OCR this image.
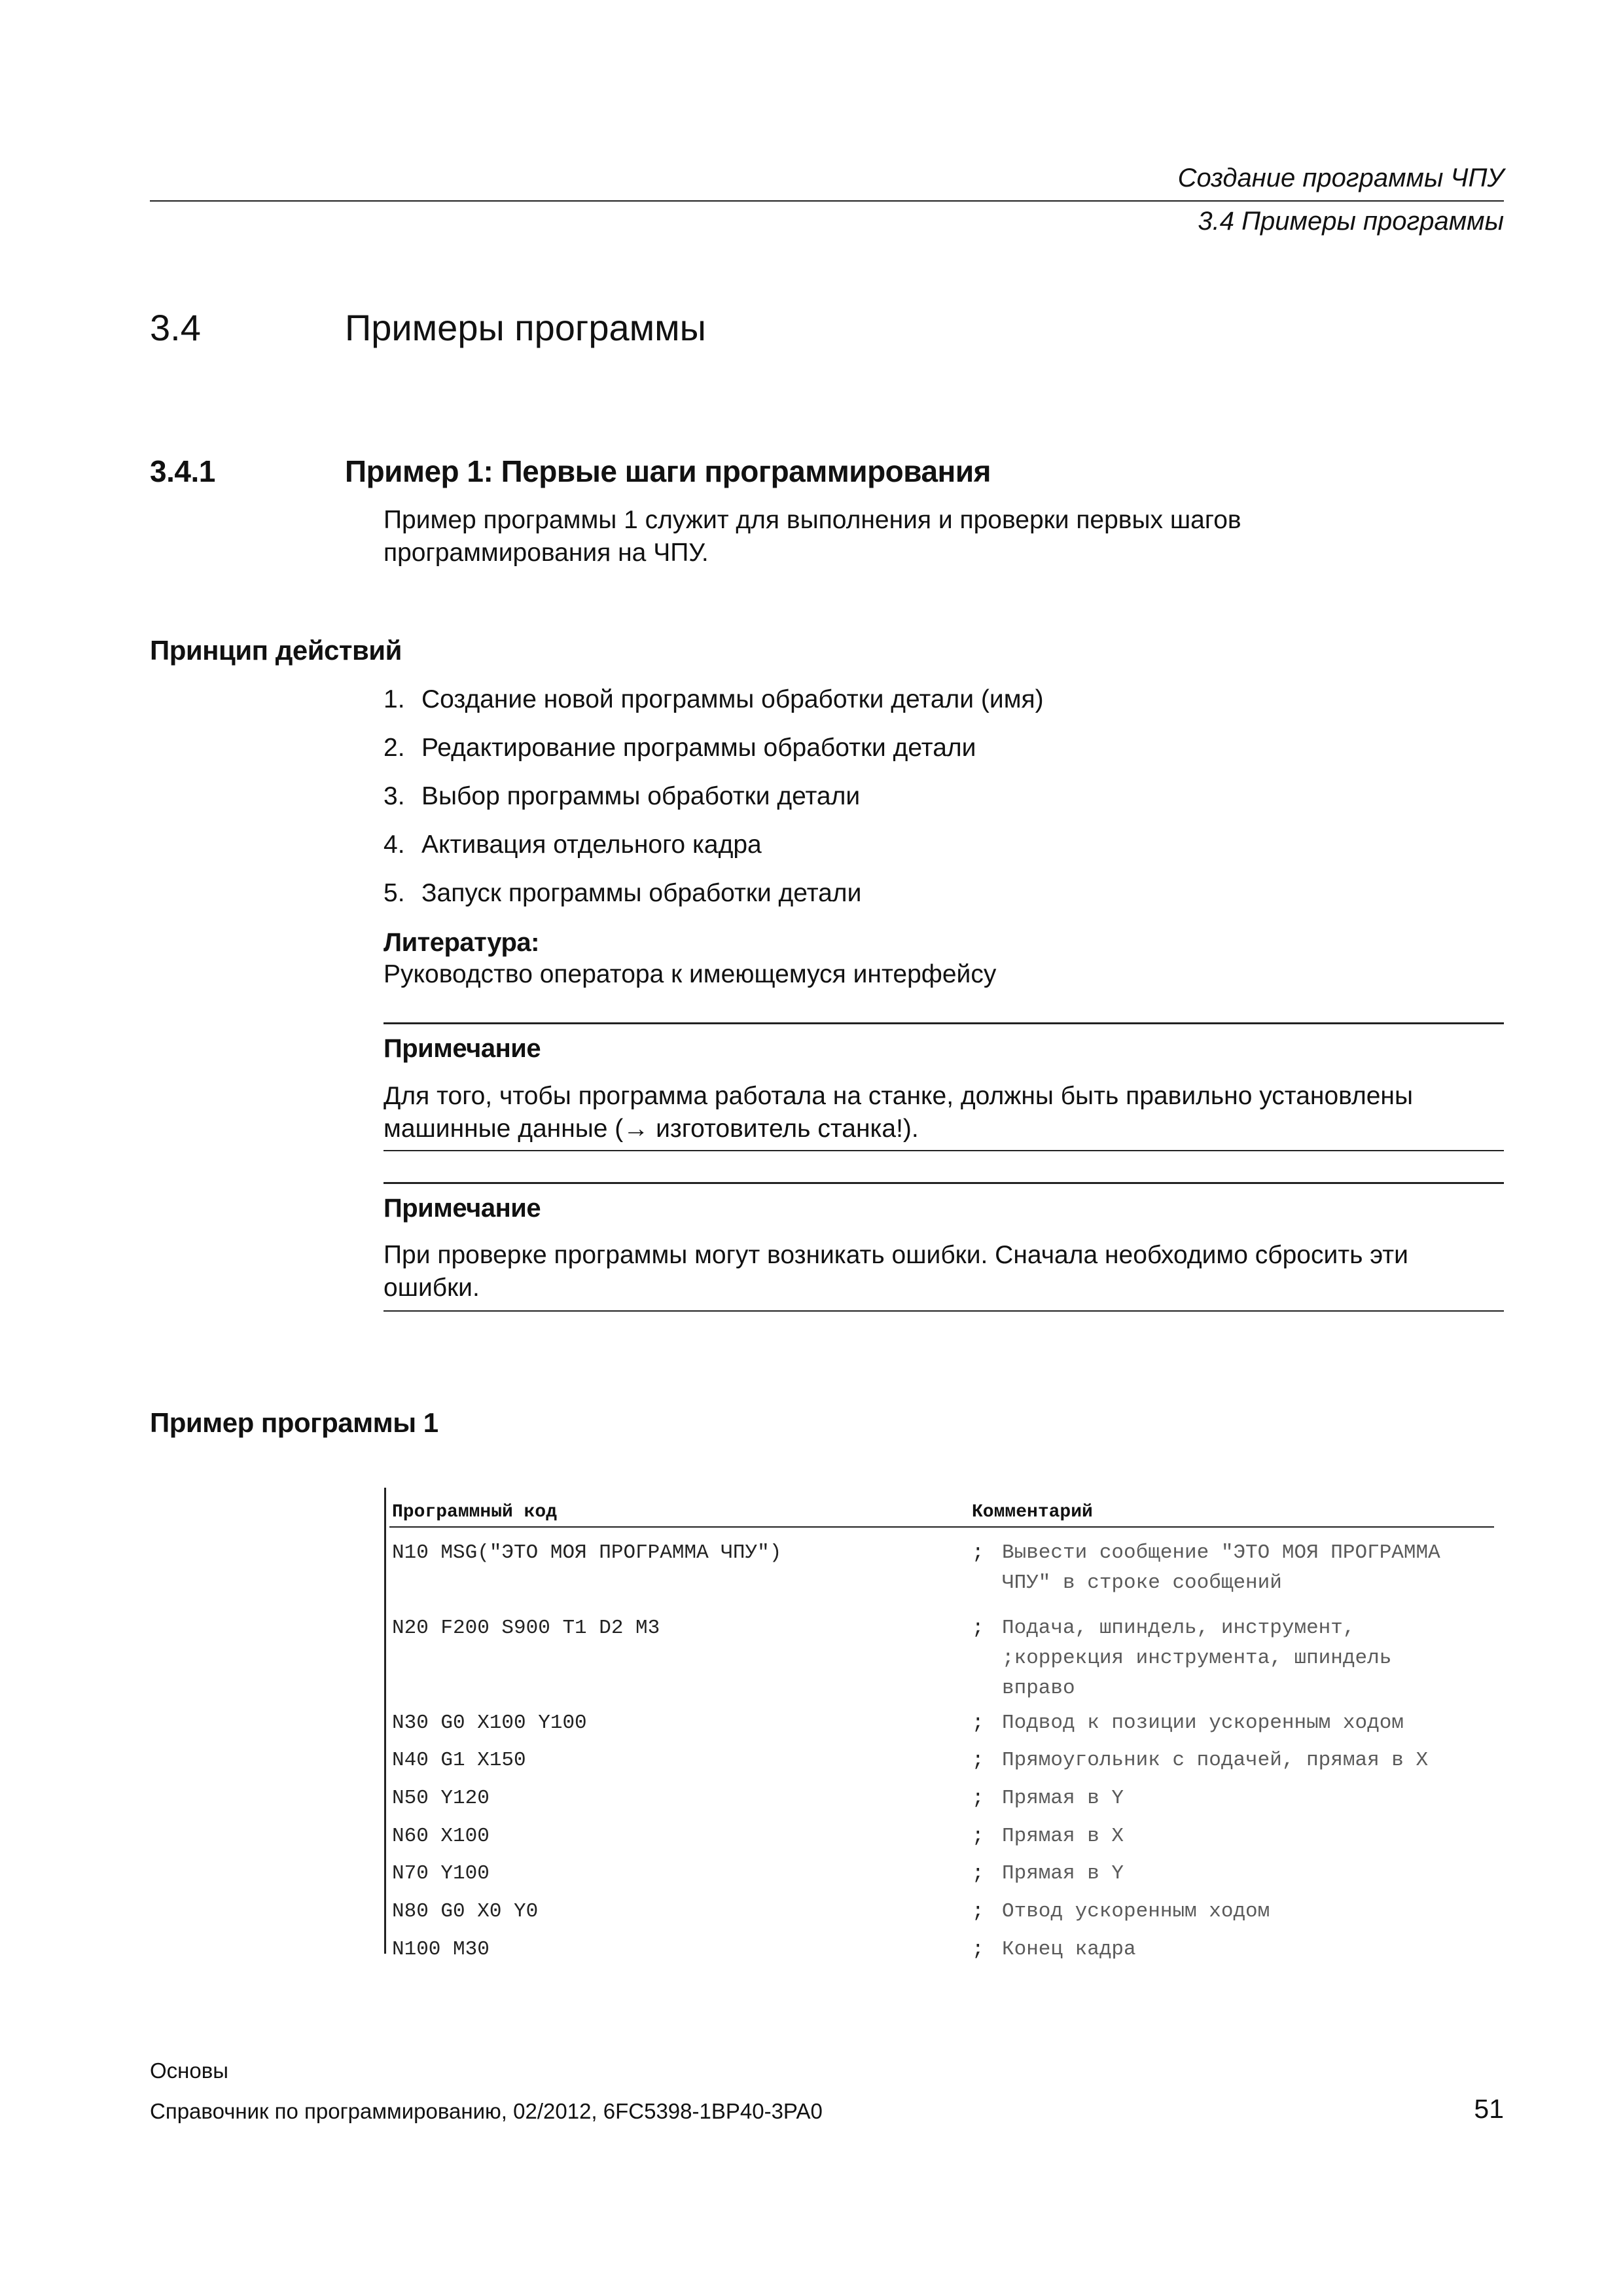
Создание программы ЧПУ
3.4 Примеры программы
3.4	Примеры программы
3.4.1	Пример 1: Первые шаги программирования
Пример программы 1 служит для выполнения и проверки первых шагов программирования на ЧПУ.
Принцип действий
1. Создание новой программы обработки детали (имя)
2. Редактирование программы обработки детали
3. Выбор программы обработки детали
4. Активация отдельного кадра
5. Запуск программы обработки детали
Литература:
Руководство оператора к имеющемуся интерфейсу
Примечание
Для того, чтобы программа работала на станке, должны быть правильно установлены машинные данные (→ изготовитель станка!).
Примечание
При проверке программы могут возникать ошибки. Сначала необходимо сбросить эти ошибки.
Пример программы 1
Программный код	Комментарий
N10 MSG("ЭТО МОЯ ПРОГРАММА ЧПУ")	; Вывести сообщение "ЭТО МОЯ ПРОГРАММА
ЧПУ" в строке сообщений
N20 F200 S900 T1 D2 M3	; Подача, шпиндель, инструмент,
;коррекция инструмента, шпиндель
вправо
N30 G0 X100 Y100	; Подвод к позиции ускоренным ходом
N40 G1 X150	; Прямоугольник с подачей, прямая в X
N50 Y120	; Прямая в Y
N60 X100	; Прямая в X
N70 Y100	; Прямая в Y
N80 G0 X0 Y0	; Отвод ускоренным ходом
N100 M30	; Конец кадра
Основы
Справочник по программированию, 02/2012, 6FC5398-1BP40-3PA0	51
